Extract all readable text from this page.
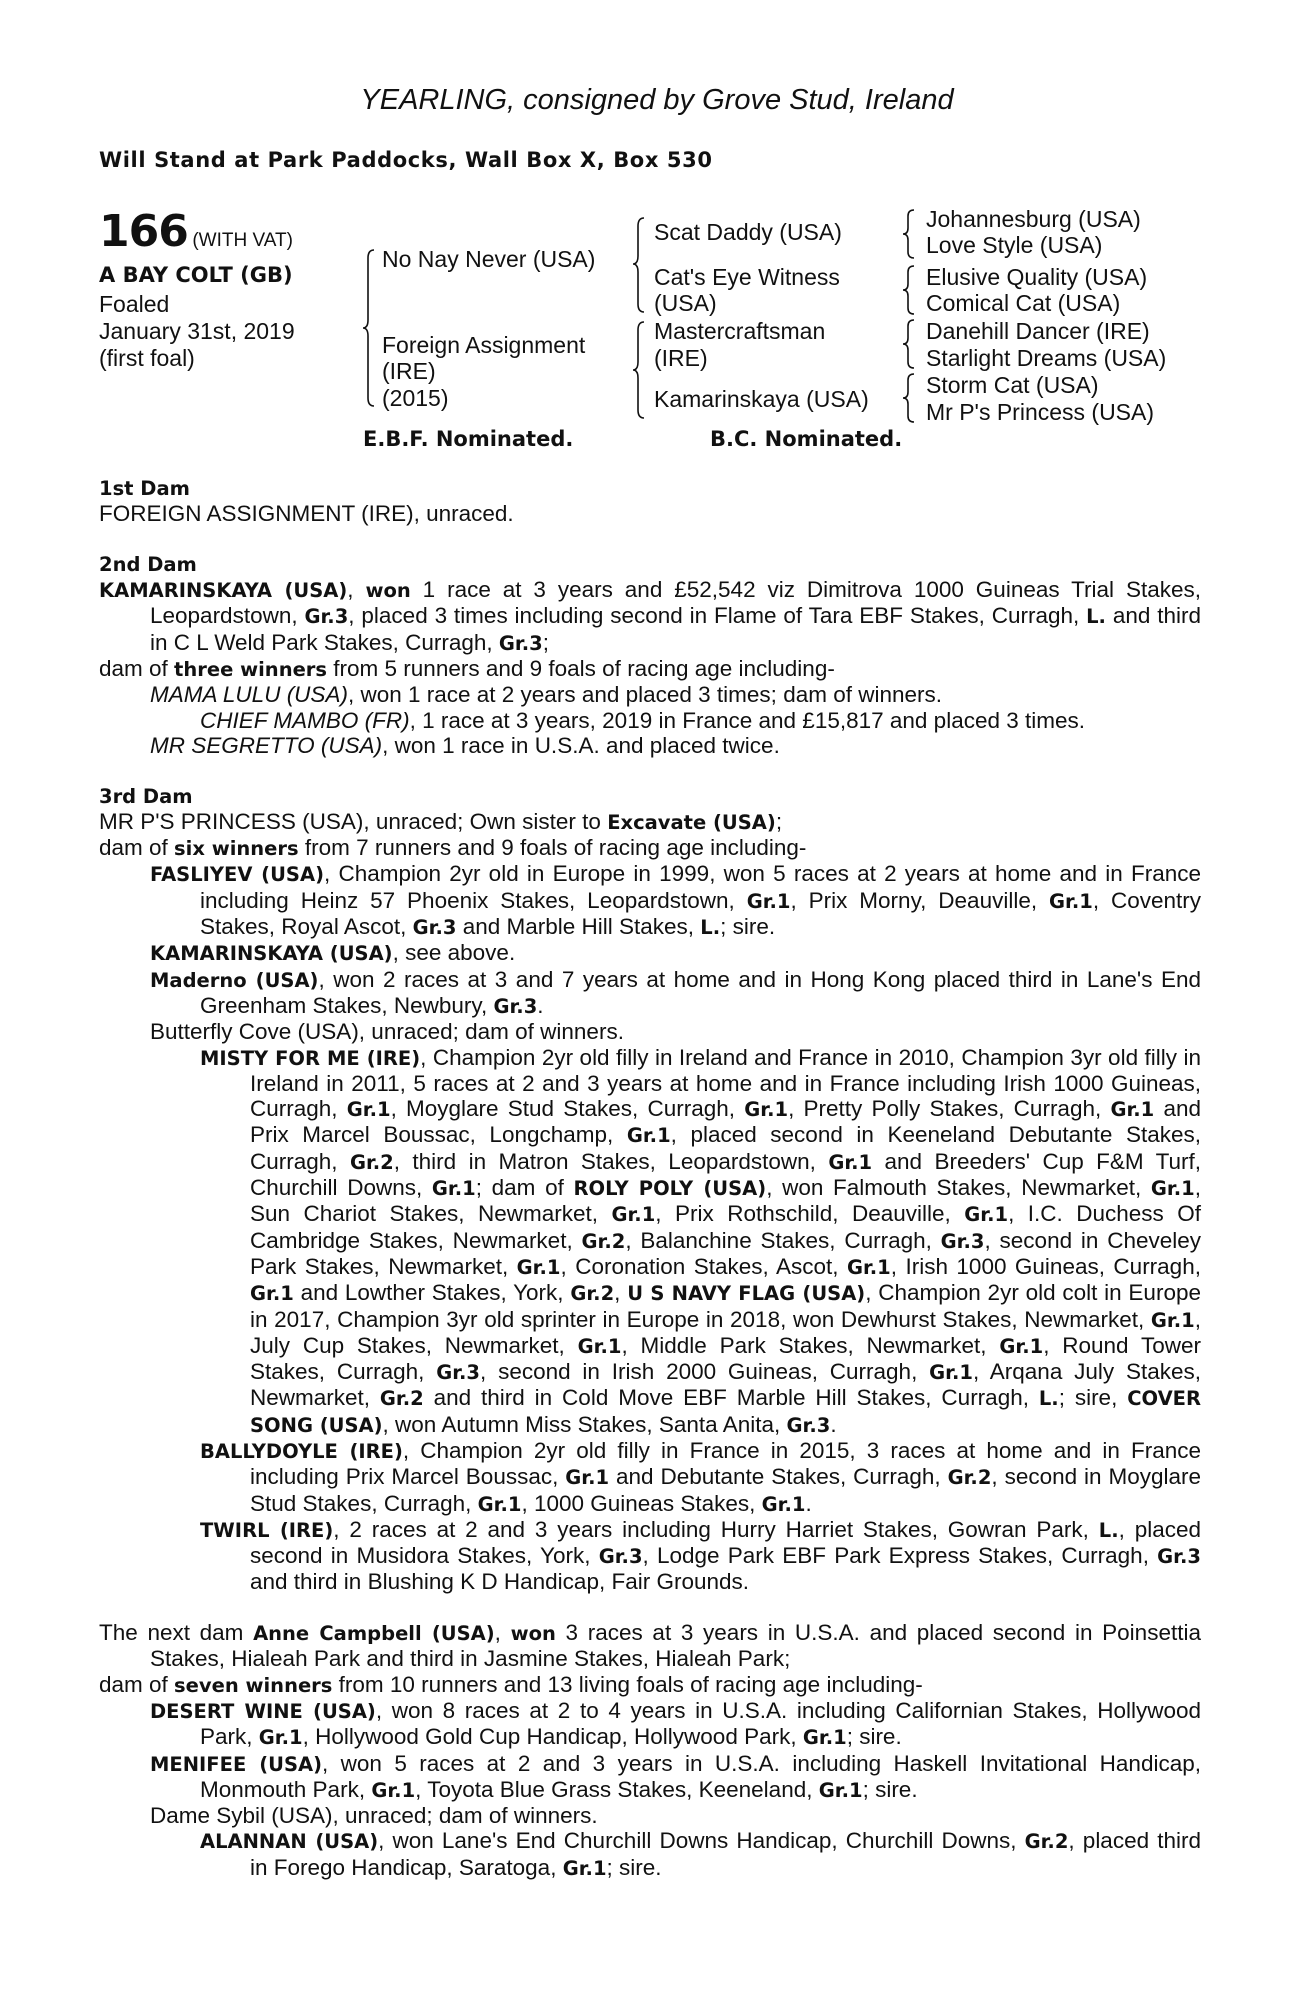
YEARLING, consigned by Grove Stud, Ireland
Will Stand at Park Paddocks, Wall Box X, Box 530
166 (WITH VAT)
A BAY COLT (GB)
Foaled
January 31st, 2019
(first foal)
No Nay Never (USA)
Foreign Assignment
(IRE)
(2015)
Scat Daddy (USA)
Cat's Eye Witness
(USA)
Mastercraftsman
(IRE)
Kamarinskaya (USA)
Johannesburg (USA)
Love Style (USA)
Elusive Quality (USA)
Comical Cat (USA)
Danehill Dancer (IRE)
Starlight Dreams (USA)
Storm Cat (USA)
Mr P's Princess (USA)
E.B.F. Nominated.	B.C. Nominated.

1st Dam

FOREIGN ASSIGNMENT (IRE), unraced.

2nd Dam

KAMARINSKAYA (USA), won 1 race at 3 years and £52,542 viz Dimitrova 1000 Guineas Trial Stakes, Leopardstown, Gr.3, placed 3 times including second in Flame of Tara EBF Stakes, Curragh, L. and third in C L Weld Park Stakes, Curragh, Gr.3;

dam of three winners from 5 runners and 9 foals of racing age including-

MAMA LULU (USA), won 1 race at 2 years and placed 3 times; dam of winners.

CHIEF MAMBO (FR), 1 race at 3 years, 2019 in France and £15,817 and placed 3 times.

MR SEGRETTO (USA), won 1 race in U.S.A. and placed twice.

3rd Dam

MR P'S PRINCESS (USA), unraced; Own sister to Excavate (USA);

dam of six winners from 7 runners and 9 foals of racing age including-

FASLIYEV (USA), Champion 2yr old in Europe in 1999, won 5 races at 2 years at home and in France including Heinz 57 Phoenix Stakes, Leopardstown, Gr.1, Prix Morny, Deauville, Gr.1, Coventry Stakes, Royal Ascot, Gr.3 and Marble Hill Stakes, L.; sire.

KAMARINSKAYA (USA), see above.

Maderno (USA), won 2 races at 3 and 7 years at home and in Hong Kong placed third in Lane's End Greenham Stakes, Newbury, Gr.3.

Butterfly Cove (USA), unraced; dam of winners.

MISTY FOR ME (IRE), Champion 2yr old filly in Ireland and France in 2010, Champion 3yr old filly in Ireland in 2011, 5 races at 2 and 3 years at home and in France including Irish 1000 Guineas, Curragh, Gr.1, Moyglare Stud Stakes, Curragh, Gr.1, Pretty Polly Stakes, Curragh, Gr.1 and Prix Marcel Boussac, Longchamp, Gr.1, placed second in Keeneland Debutante Stakes, Curragh, Gr.2, third in Matron Stakes, Leopardstown, Gr.1 and Breeders' Cup F&M Turf, Churchill Downs, Gr.1; dam of ROLY POLY (USA), won Falmouth Stakes, Newmarket, Gr.1, Sun Chariot Stakes, Newmarket, Gr.1, Prix Rothschild, Deauville, Gr.1, I.C. Duchess Of Cambridge Stakes, Newmarket, Gr.2, Balanchine Stakes, Curragh, Gr.3, second in Cheveley Park Stakes, Newmarket, Gr.1, Coronation Stakes, Ascot, Gr.1, Irish 1000 Guineas, Curragh, Gr.1 and Lowther Stakes, York, Gr.2, U S NAVY FLAG (USA), Champion 2yr old colt in Europe in 2017, Champion 3yr old sprinter in Europe in 2018, won Dewhurst Stakes, Newmarket, Gr.1, July Cup Stakes, Newmarket, Gr.1, Middle Park Stakes, Newmarket, Gr.1, Round Tower Stakes, Curragh, Gr.3, second in Irish 2000 Guineas, Curragh, Gr.1, Arqana July Stakes, Newmarket, Gr.2 and third in Cold Move EBF Marble Hill Stakes, Curragh, L.; sire, COVER SONG (USA), won Autumn Miss Stakes, Santa Anita, Gr.3.

BALLYDOYLE (IRE), Champion 2yr old filly in France in 2015, 3 races at home and in France including Prix Marcel Boussac, Gr.1 and Debutante Stakes, Curragh, Gr.2, second in Moyglare Stud Stakes, Curragh, Gr.1, 1000 Guineas Stakes, Gr.1.

TWIRL (IRE), 2 races at 2 and 3 years including Hurry Harriet Stakes, Gowran Park, L., placed second in Musidora Stakes, York, Gr.3, Lodge Park EBF Park Express Stakes, Curragh, Gr.3 and third in Blushing K D Handicap, Fair Grounds.

The next dam Anne Campbell (USA), won 3 races at 3 years in U.S.A. and placed second in Poinsettia Stakes, Hialeah Park and third in Jasmine Stakes, Hialeah Park;

dam of seven winners from 10 runners and 13 living foals of racing age including-

DESERT WINE (USA), won 8 races at 2 to 4 years in U.S.A. including Californian Stakes, Hollywood Park, Gr.1, Hollywood Gold Cup Handicap, Hollywood Park, Gr.1; sire.

MENIFEE (USA), won 5 races at 2 and 3 years in U.S.A. including Haskell Invitational Handicap, Monmouth Park, Gr.1, Toyota Blue Grass Stakes, Keeneland, Gr.1; sire.

Dame Sybil (USA), unraced; dam of winners.

ALANNAN (USA), won Lane's End Churchill Downs Handicap, Churchill Downs, Gr.2, placed third in Forego Handicap, Saratoga, Gr.1; sire.
